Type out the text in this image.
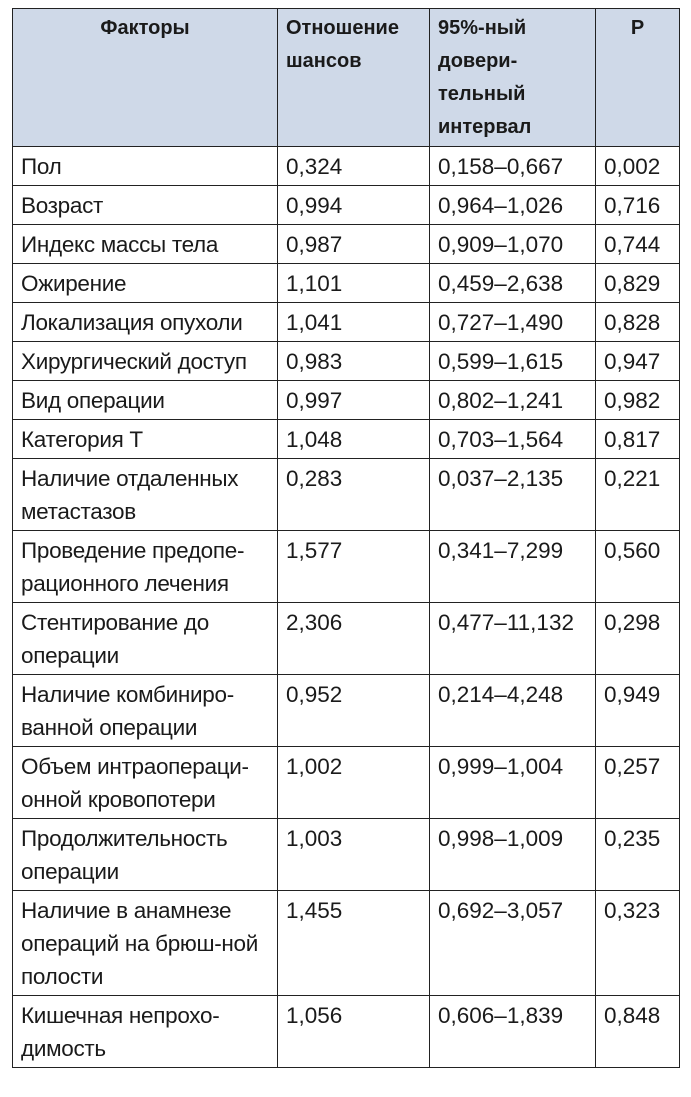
Факторы	Отношение шансов	95%-ный довери-тельный интервал	Р
Пол	0,324	0,158–0,667	0,002
Возраст	0,994	0,964–1,026	0,716
Индекс массы тела	0,987	0,909–1,070	0,744
Ожирение	1,101	0,459–2,638	0,829
Локализация опухоли	1,041	0,727–1,490	0,828
Хирургический доступ	0,983	0,599–1,615	0,947
Вид операции	0,997	0,802–1,241	0,982
Категория Т	1,048	0,703–1,564	0,817
Наличие отдаленных метастазов	0,283	0,037–2,135	0,221
Проведение предопе-рационного лечения	1,577	0,341–7,299	0,560
Стентирование до операции	2,306	0,477–11,132	0,298
Наличие комбиниро-ванной операции	0,952	0,214–4,248	0,949
Объем интраопераци-онной кровопотери	1,002	0,999–1,004	0,257
Продолжительность операции	1,003	0,998–1,009	0,235
Наличие в анамнезе операций на брюш-ной полости	1,455	0,692–3,057	0,323
Кишечная непрохо-димость	1,056	0,606–1,839	0,848
